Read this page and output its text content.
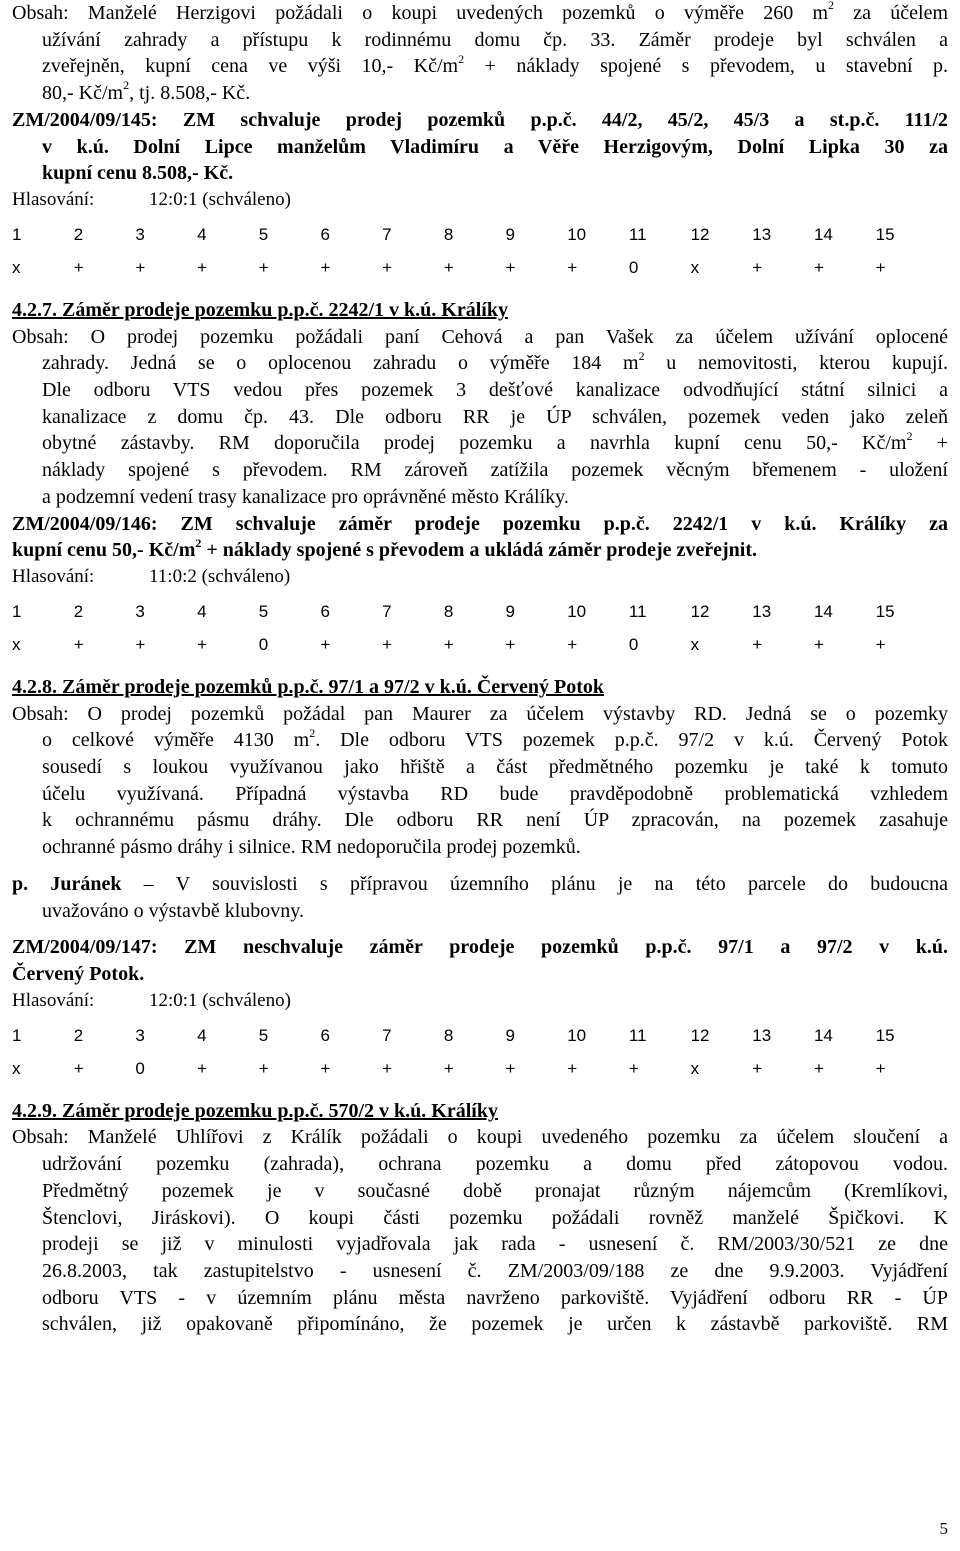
Obsah: Manželé Herzigovi požádali o koupi uvedených pozemků o výměře 260 $m^2$ za účelem
užívání zahrady a přístupu k rodinnému domu čp. 33. Záměr prodeje byl schválen a
zveřejněn, kupní cena ve výši 10,- $Kč/m^2$ + náklady spojené s převodem, u stavební p.
80,- $Kč/m^2$, tj. 8.508,- Kč.
ZM/2004/09/145: ZM schvaluje prodej pozemků p.p.č. 44/2, 45/2, 45/3 a st.p.č. 111/2
v k.ú. Dolní Lipce manželům Vladimíru a Věře Herzigovým, Dolní Lipka 30 za
kupní cenu 8.508,- Kč.
Hlasování:	12:0:1 (schváleno)
1	2	3	4	5	6	7	8	9	10	11	12	13	14	15
x	+	+	+	+	+	+	+	+	+	0	x	+	+	+
4.2.7. Záměr prodeje pozemku p.p.č. 2242/1 v k.ú. Králíky
Obsah: O prodej pozemku požádali paní Cehová a pan Vašek za účelem užívání oplocené
zahrady. Jedná se o oplocenou zahradu o výměře 184 $m^2$ u nemovitosti, kterou kupují.
Dle odboru VTS vedou přes pozemek 3 dešťové kanalizace odvodňující státní silnici a
kanalizace z domu čp. 43. Dle odboru RR je ÚP schválen, pozemek veden jako zeleň
obytné zástavby. RM doporučila prodej pozemku a navrhla kupní cenu 50,- $Kč/m^2$ +
náklady spojené s převodem. RM zároveň zatížila pozemek věcným břemenem - uložení
a podzemní vedení trasy kanalizace pro oprávněné město Králíky.
ZM/2004/09/146: ZM schvaluje záměr prodeje pozemku p.p.č. 2242/1 v k.ú. Králíky za
kupní cenu 50,- $Kč/m^2$ + náklady spojené s převodem a ukládá záměr prodeje zveřejnit.
Hlasování:	11:0:2 (schváleno)
1	2	3	4	5	6	7	8	9	10	11	12	13	14	15
x	+	+	+	0	+	+	+	+	+	0	x	+	+	+
4.2.8. Záměr prodeje pozemků p.p.č. 97/1 a 97/2 v k.ú. Červený Potok
Obsah: O prodej pozemků požádal pan Maurer za účelem výstavby RD. Jedná se o pozemky
o celkové výměře 4130 $m^2$. Dle odboru VTS pozemek p.p.č. 97/2 v k.ú. Červený Potok
sousedí s loukou využívanou jako hřiště a část předmětného pozemku je také k tomuto
účelu využívaná. Případná výstavba RD bude pravděpodobně problematická vzhledem
k ochrannému pásmu dráhy. Dle odboru RR není ÚP zpracován, na pozemek zasahuje
ochranné pásmo dráhy i silnice. RM nedoporučila prodej pozemků.
p. Juránek – V souvislosti s přípravou územního plánu je na této parcele do budoucna
uvažováno o výstavbě klubovny.
ZM/2004/09/147: ZM neschvaluje záměr prodeje pozemků p.p.č. 97/1 a 97/2 v k.ú.
Červený Potok.
Hlasování:	12:0:1 (schváleno)
1	2	3	4	5	6	7	8	9	10	11	12	13	14	15
x	+	0	+	+	+	+	+	+	+	+	x	+	+	+
4.2.9. Záměr prodeje pozemku p.p.č. 570/2 v k.ú. Králíky
Obsah: Manželé Uhlířovi z Králík požádali o koupi uvedeného pozemku za účelem sloučení a
udržování pozemku (zahrada), ochrana pozemku a domu před zátopovou vodou.
Předmětný pozemek je v současné době pronajat různým nájemcům (Kremlíkovi,
Štenclovi, Jiráskovi). O koupi části pozemku požádali rovněž manželé Špičkovi. K
prodeji se již v minulosti vyjadřovala jak rada - usnesení č. RM/2003/30/521 ze dne
26.8.2003, tak zastupitelstvo - usnesení č. ZM/2003/09/188 ze dne 9.9.2003. Vyjádření
odboru VTS - v územním plánu města navrženo parkoviště. Vyjádření odboru RR - ÚP
schválen, již opakovaně připomínáno, že pozemek je určen k zástavbě parkoviště. RM
5
